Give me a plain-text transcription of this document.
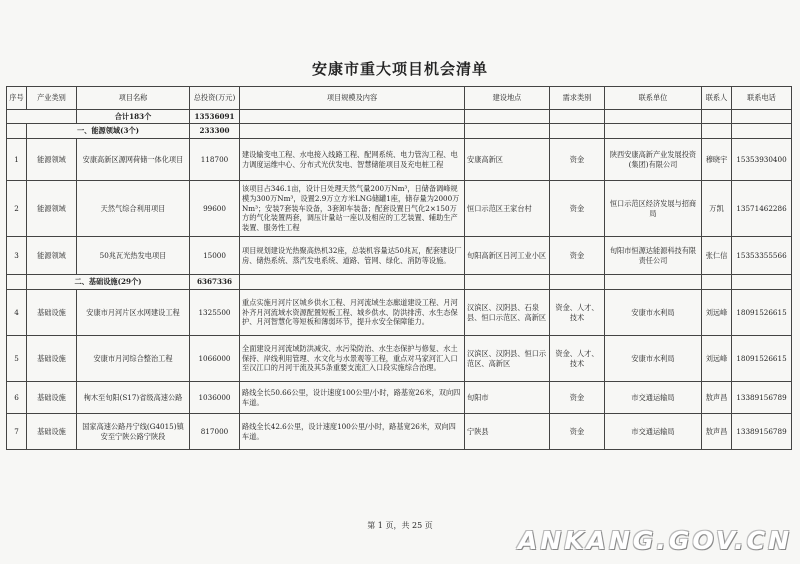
安康市重大项目机会清单
序号	产业类别	项目名称	总投资(万元)	项目规模及内容	建设地点	需求类别	联系单位	联系人	联系电话
		合计183个	13536091						
	一、能源领域(3个)		233300						
1	能源领域	安康高新区源网荷储一体化项目	118700	建设输变电工程、水电接入线路工程、配网系统、电力管沟工程、电力调度运维中心、分布式光伏发电、智慧储能项目及充电桩工程	安康高新区	资金	陕西安康高新产业发展投资(集团)有限公司	穆晓宇	15353930400
2	能源领域	天然气综合利用项目	99600	该项目占346.1亩，设计日处理天然气量200万Nm³，日储备调峰规模为300万Nm³，设置2.9万立方米LNG储罐1座，储存量为2000万Nm³；安装7套装车设备，3套卸车装备；配套设置日气化2×150万方的气化装置两套，调压计量站一座以及相应的工艺装置、辅助生产装置、服务性工程	恒口示范区王家台村	资金	恒口示范区经济发展与招商局	万凯	13571462286
3	能源领域	50兆瓦光热发电项目	15000	项目规划建设光热聚高热机32座，总装机容量达50兆瓦，配套建设厂房、储热系统、蒸汽发电系统、道路、管网、绿化、消防等设施。	旬阳高新区吕河工业小区	资金	旬阳市恒源达能源科技有限责任公司	张仁信	15353355566
	二、基础设施(29个)		6367336						
4	基础设施	安康市月河片区水网建设工程	1325500	重点实施月河片区城乡供水工程、月河流域生态廊道建设工程、月河补齐月河流域水资源配置短板工程、城乡供水、防洪排涝、水生态保护、月河智慧化等短板和薄弱环节，提升水安全保障能力。	汉滨区、汉阴县、石泉县、恒口示范区、高新区	资金、人才、技术	安康市水利局	刘远峰	18091526615
5	基础设施	安康市月河综合整治工程	1066000	全面建设月河流域防洪减灾、水污染防治、水生态保护与修复、水土保持、岸线利用管理、水文化与水景观等工程，重点对马家河汇入口至汉江口的月河干流及其5条重要支流汇入口段实施综合治理。	汉滨区、汉阴县、恒口示范区、高新区	资金、人才、技术	安康市水利局	刘远峰	18091526615
6	基础设施	栒木至旬阳(S17)省级高速公路	1036000	路线全长50.66公里，设计速度100公里/小时，路基宽26米，双向四车道。	旬阳市	资金	市交通运输局	敖声昌	13389156789
7	基础设施	国家高速公路丹宁线(G4015)镇安至宁陕公路宁陕段	817000	路线全长42.6公里，设计速度100公里/小时，路基宽26米，双向四车道。	宁陕县	资金	市交通运输局	敖声昌	13389156789
第 1 页，共 25 页
ANKANG.GOV.CN
